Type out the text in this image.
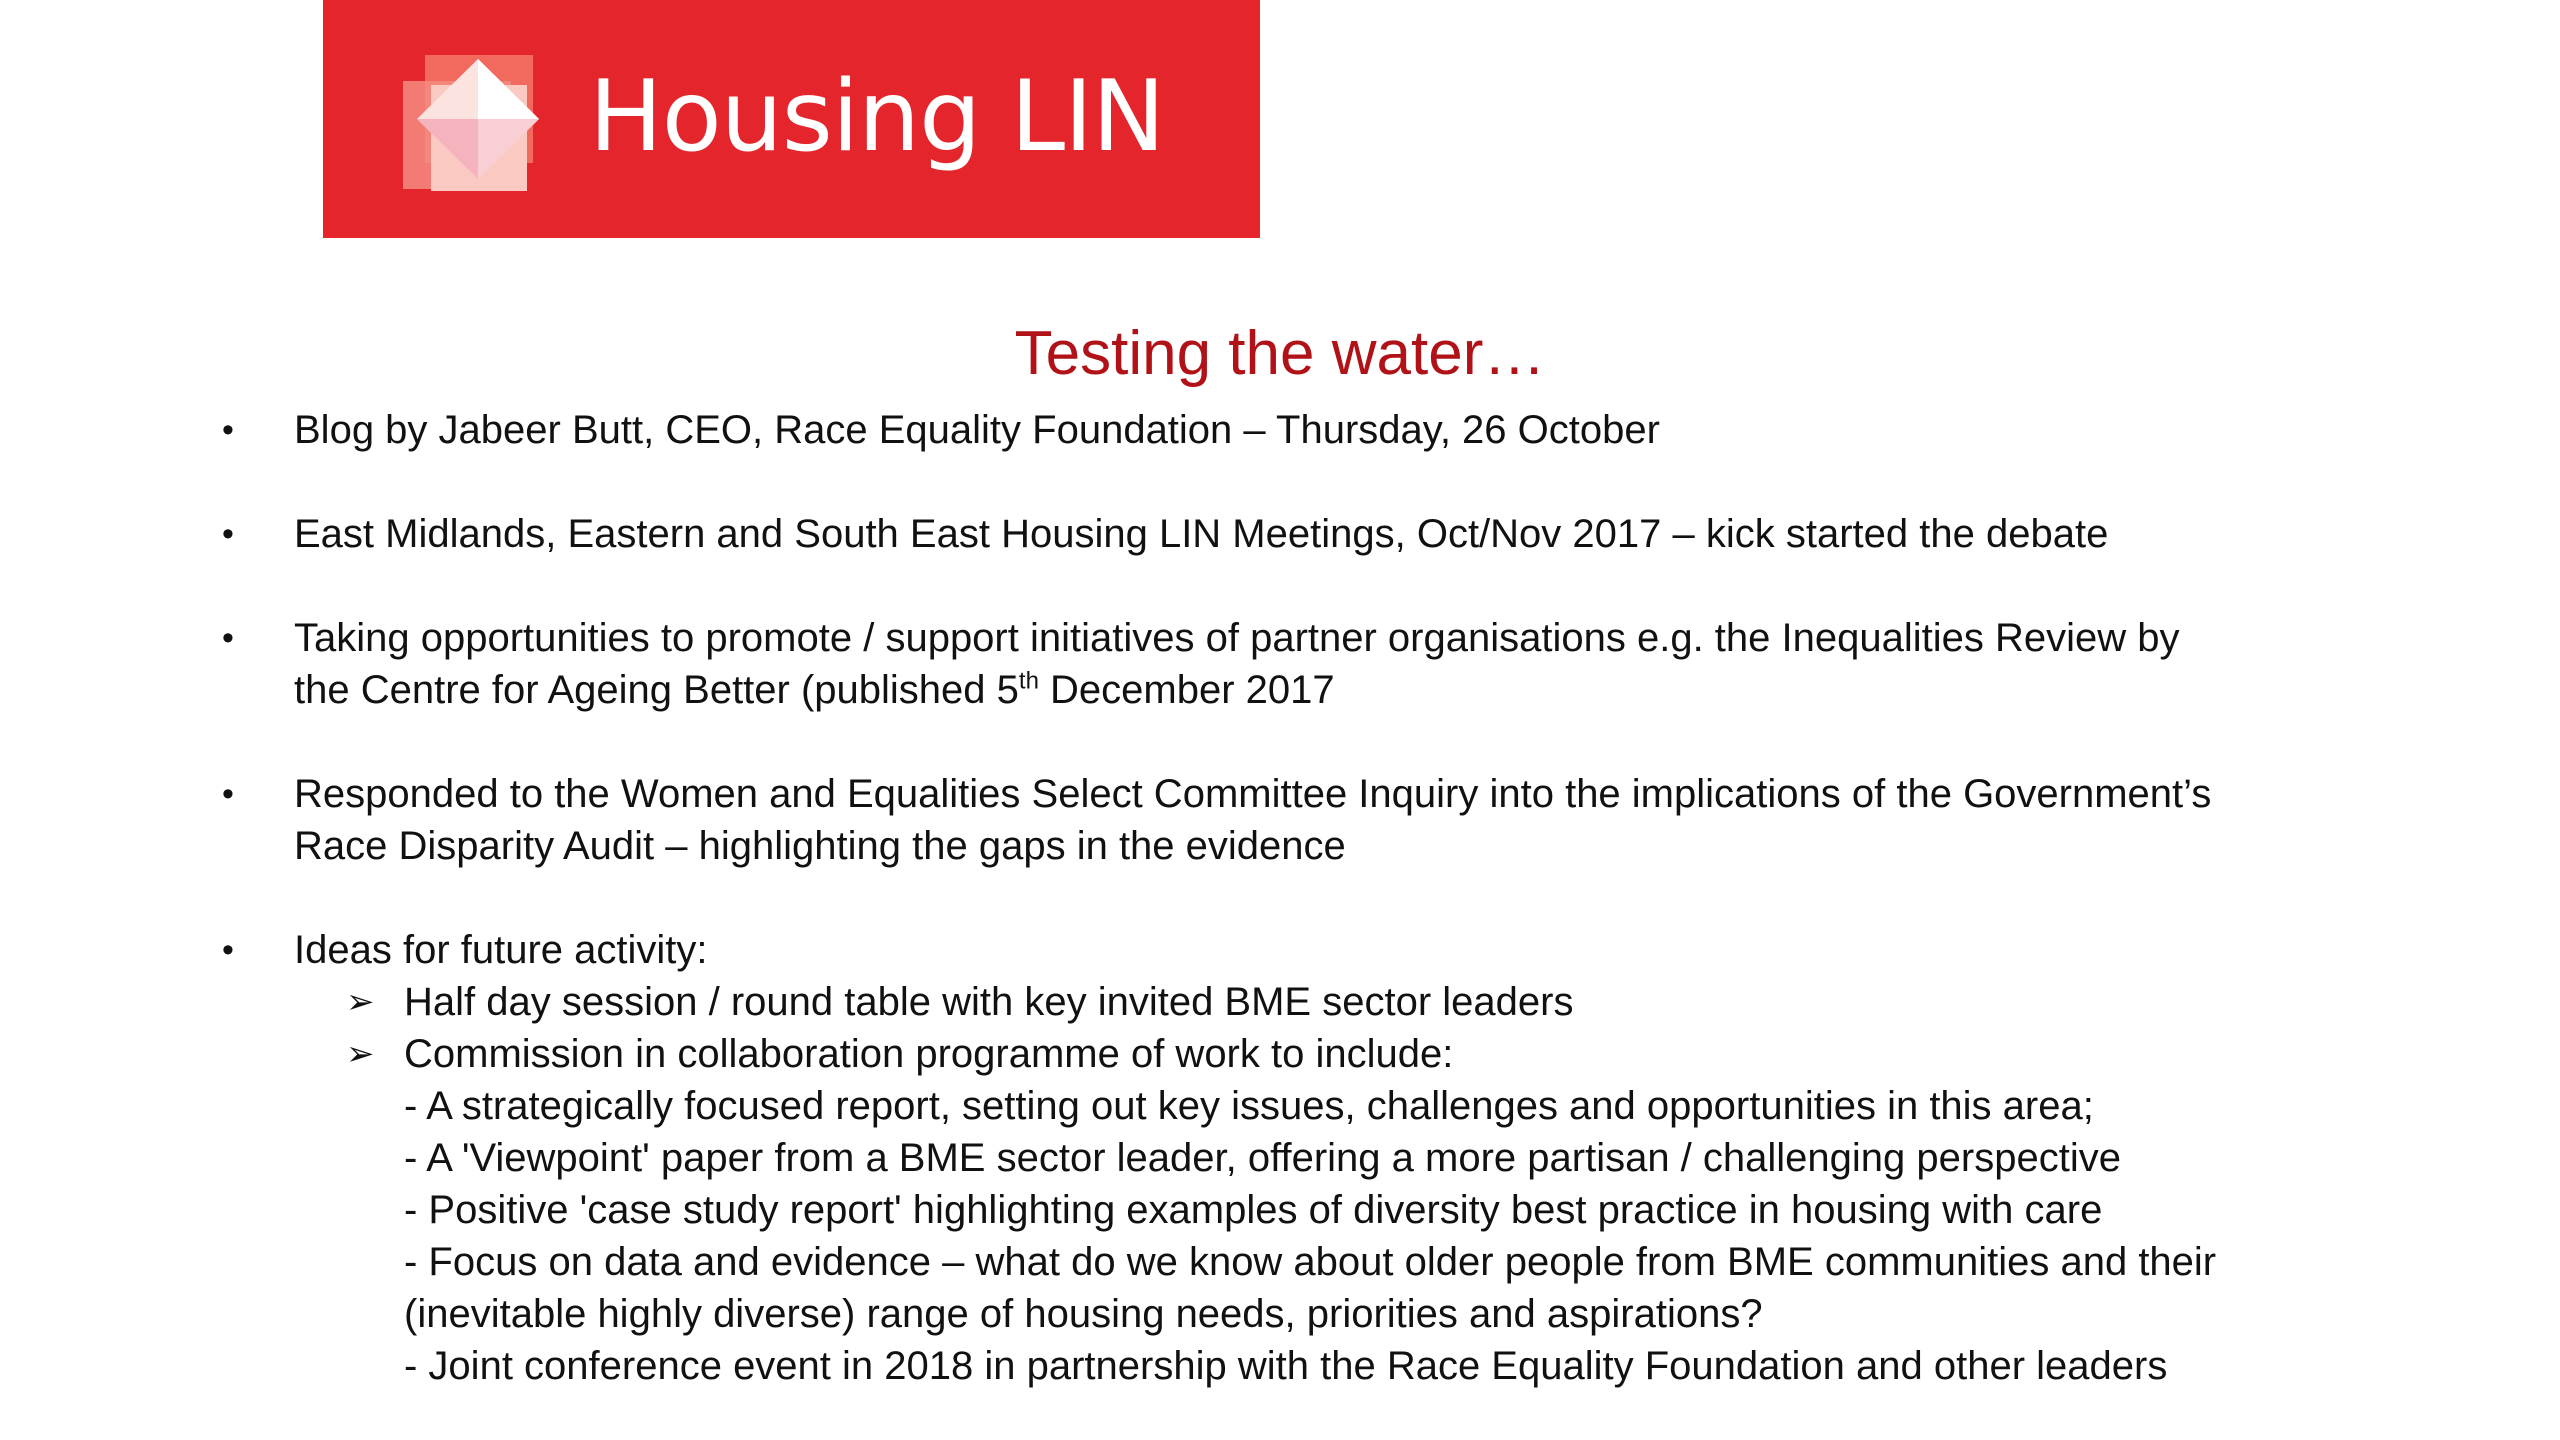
Housing LIN
Testing the water…
• Blog by Jabeer Butt, CEO, Race Equality Foundation – Thursday, 26 October
• East Midlands, Eastern and South East Housing LIN Meetings, Oct/Nov 2017 – kick started the debate
• Taking opportunities to promote / support initiatives of partner organisations e.g. the Inequalities Review by
the Centre for Ageing Better (published 5th December 2017
• Responded to the Women and Equalities Select Committee Inquiry into the implications of the Government’s
Race Disparity Audit – highlighting the gaps in the evidence
• Ideas for future activity:
➢ Half day session / round table with key invited BME sector leaders
➢ Commission in collaboration programme of work to include:
- A strategically focused report, setting out key issues, challenges and opportunities in this area;
- A 'Viewpoint' paper from a BME sector leader, offering a more partisan / challenging perspective
- Positive 'case study report' highlighting examples of diversity best practice in housing with care
- Focus on data and evidence – what do we know about older people from BME communities and their
(inevitable highly diverse) range of housing needs, priorities and aspirations?
- Joint conference event in 2018 in partnership with the Race Equality Foundation and other leaders
